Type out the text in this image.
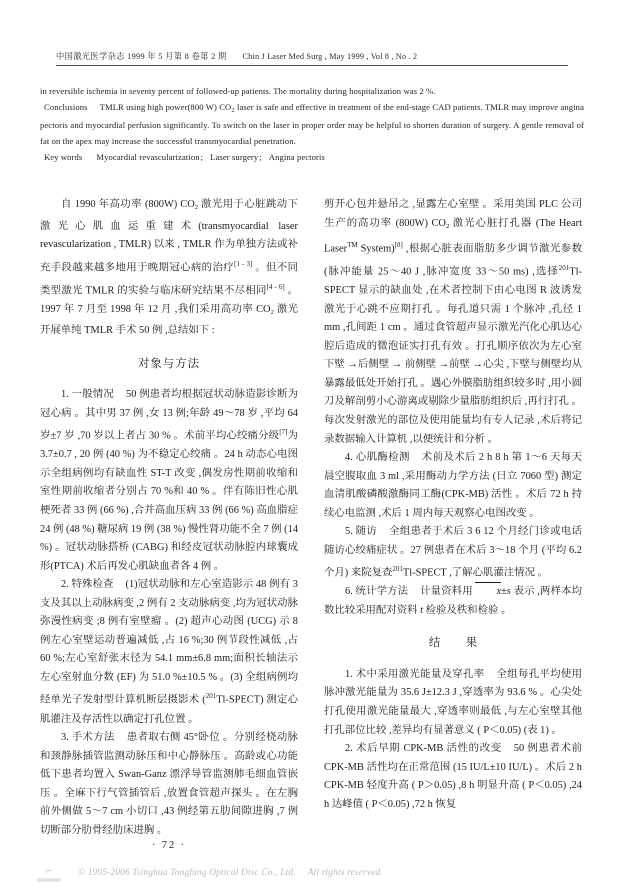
中国激光医学杂志 1999 年 5 月第 8 卷第 2 期 Chin J Laser Med Surg , May 1999 , Vol 8 , No . 2

in reversible ischemia in seventy percent of followed-up patients. The mortality during hospitalization was 2 %.

Conclusions TMLR using high power(800 W) $CO_2$ laser is safe and effective in treatment of the end-stage CAD patients. TMLR may improve angina pectoris and myocardial perfusion significantly. To switch on the laser in proper order may be helpful to shorten duration of surgery. A gentle removal of fat on the apex may increase the successful transmyocardial penetration.

Key words Myocardial revascularization; Laser surgery; Angina pectoris

自 1990 年高功率 (800W) $CO_2$ 激光用于心脏跳动下激光心肌血运重建术(transmyocardial laser revascularization , TMLR) 以来 , TMLR 作为单独方法或补充手段越来越多地用于晚期冠心病的治疗[1 - 3] 。但不同类型激光 TMLR 的实验与临床研究结果不尽相同[4 - 6] 。1997 年 7 月至 1998 年 12 月 ,我们采用高功率 $CO_2$ 激光开展单纯 TMLR 手术 50 例 ,总结如下 :

对象与方法

1. 一般情况 50 例患者均根据冠状动脉造影诊断为冠心病 。其中男 37 例 ,女 13 例;年龄 49～78 岁 ,平均 64 岁±7 岁 ,70 岁以上者占 30 % 。术前平均心绞痛分级[7]为 3.7±0.7 , 20 例 (40 %) 为不稳定心绞痛 。24 h 动态心电图示全组病例均有缺血性 ST-T 改变 ,偶发房性期前收缩和室性期前收缩者分别占 70 %和 40 % 。伴有陈旧性心肌梗死者 33 例 (66 %) ,合并高血压病 33 例 (66 %) 高血脂症 24 例 (48 %) 糖尿病 19 例 (38 %) 慢性肾功能不全 7 例 (14 %) 。冠状动脉搭桥 (CABG) 和经皮冠状动脉腔内球囊成形(PTCA) 术后再发心肌缺血者各 4 例 。

2. 特殊检查 (1)冠状动脉和左心室造影示 48 例有 3 支及其以上动脉病变 ,2 例有 2 支动脉病变 ,均为冠状动脉弥漫性病变 ;8 例有室壁瘤 。(2) 超声心动图 (UCG) 示 8 例左心室壁运动普遍减低 ,占 16 %;30 例节段性减低 ,占 60 %;左心室舒张末径为 54.1 mm±6.8 mm;面积长轴法示左心室射血分数 (EF) 为 51.0 %±10.5 % 。(3) 全组病例均经单光子发射型计算机断层摄影术 ($^{201}$Tl-SPECT) 测定心肌灌注及存活性以确定打孔位置 。

3. 手术方法 患者取右侧 45°卧位 。分别经桡动脉和颈静脉插管监测动脉压和中心静脉压 。高龄或心功能低下患者均置入 Swan-Ganz 漂浮导管监测肺毛细血管嵌压 。全麻下行气管插管后 ,放置食管超声探头 。在左胸前外侧做 5～7 cm 小切口 ,43 例经第五肋间隙进胸 ,7 例切断部分肋骨经肋床进胸 。

剪开心包并悬吊之 ,显露左心室壁 。采用美国 PLC 公司生产的高功率 (800W) $CO_2$ 激光心脏打孔器 (The Heart Laser™ System)[8] ,根据心脏表面脂肪多少调节激光参数 (脉冲能量 25～40 J ,脉冲宽度 33～50 ms) ,选择$^{201}$Tl-SPECT 显示的缺血处 ,在术者控制下由心电图 R 波诱发激光于心跳不应期打孔 。每孔道只需 1 个脉冲 ,孔径 1 mm ,孔间距 1 cm 。通过食管超声显示激光汽化心肌达心腔后造成的微泡证实打孔有效 。打孔顺序依次为左心室下壁 →后侧壁 → 前侧壁 →前壁 →心尖 ,下壁与侧壁均从暴露最低处开始打孔 。遇心外膜脂肪组织较多时 ,用小圆刀及解剖剪小心游离或剔除少量脂肪组织后 ,再行打孔 。每次发射激光的部位及使用能量均有专人记录 ,术后将记录数据输入计算机 ,以便统计和分析 。

4. 心肌酶检测 术前及术后 2 h 8 h 第 1～6 天每天晨空腹取血 3 ml ,采用酶动力学方法 (日立 7060 型) 测定血清肌酸磷酸激酶同工酶(CPK-MB) 活性 。术后 72 h 持续心电监测 ,术后 1 周内每天观察心电图改变 。

5. 随访 全组患者于术后 3 6 12 个月经门诊或电话随访心绞痛症状 。27 例患者在术后 3～18 个月 (平均 6.2 个月) 来院复查$^{201}$Tl-SPECT ,了解心肌灌注情况 。

6. 统计学方法 计量资料用 x±s 表示 ,两样本均数比较采用配对资料 t 检验及秩和检验 。

结　果

1. 术中采用激光能量及穿孔率 全组每孔平均使用脉冲激光能量为 35.6 J±12.3 J ,穿透率为 93.6 % 。心尖处打孔使用激光能量最大 ,穿透率则最低 ,与左心室壁其他打孔部位比较 ,差异均有显著意义 ( P＜0.05) (表 1) 。

2. 术后早期 CPK-MB 活性的改变 50 例患者术前 CPK-MB 活性均在正常范围 (15 IU/L±10 IU/L) 。术后 2 h CPK-MB 轻度升高 ( P＞0.05) ,8 h 明显升高 ( P＜0.05) ,24 h 达峰值 ( P＜0.05) ,72 h 恢复

· 72 ·
⌐
www.cnki.net
© 1995-2006 Tsinghua Tongfang Optical Disc Co., Ltd. All rights reserved.
